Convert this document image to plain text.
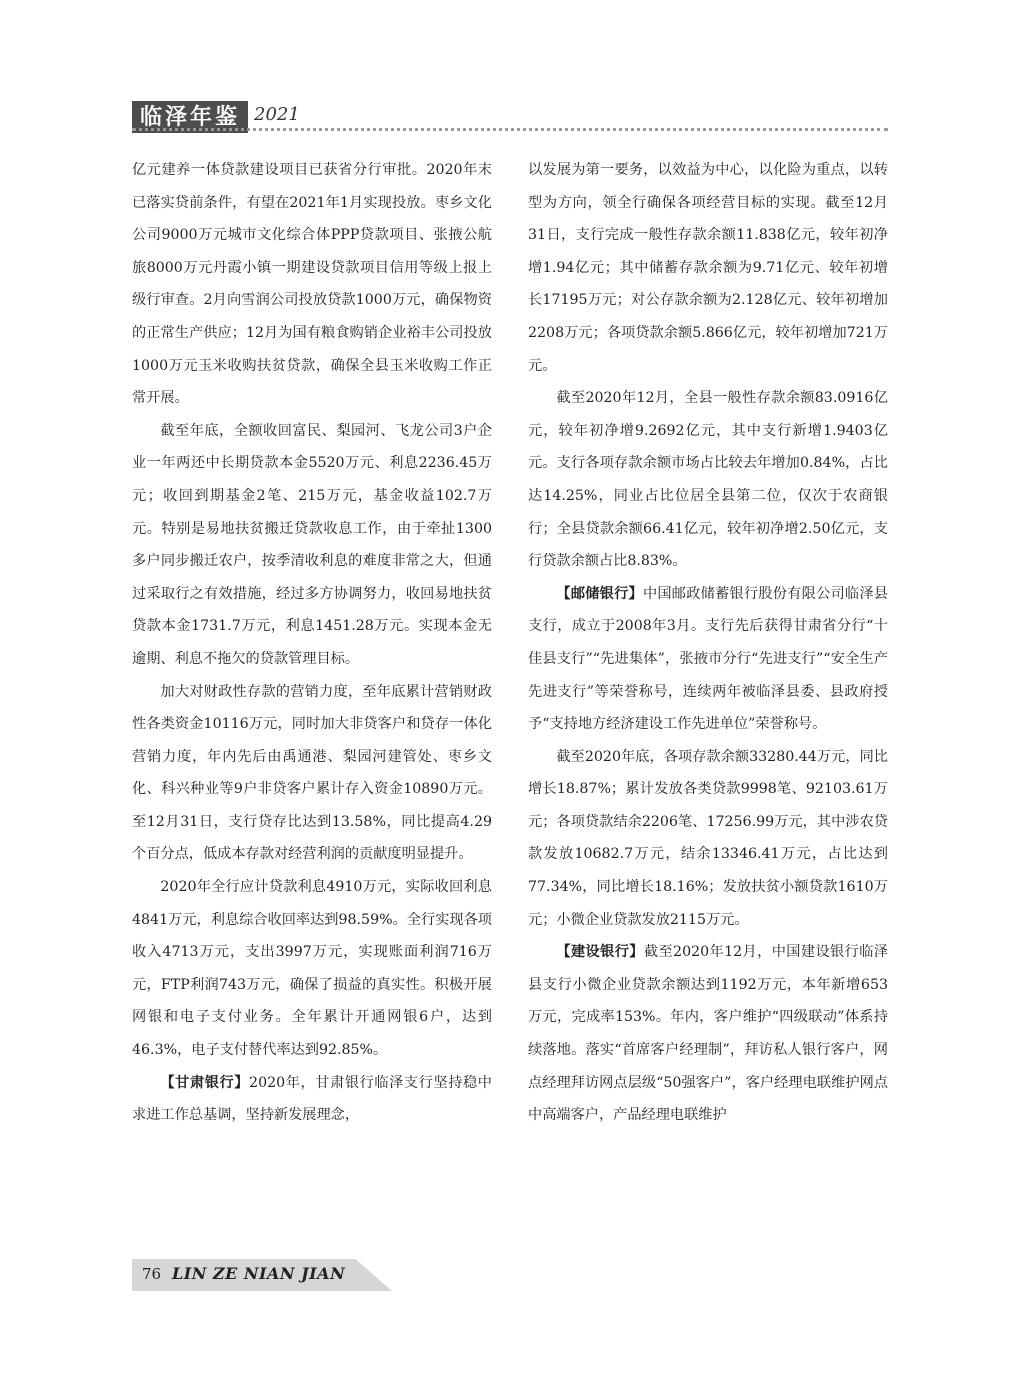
临泽年鉴 2021

亿元建养一体贷款建设项目已获省分行审批。2020年末已落实贷前条件，有望在2021年1月实现投放。枣乡文化公司9000万元城市文化综合体PPP贷款项目、张掖公航旅8000万元丹霞小镇一期建设贷款项目信用等级上报上级行审查。2月向雪润公司投放贷款1000万元，确保物资的正常生产供应；12月为国有粮食购销企业裕丰公司投放1000万元玉米收购扶贫贷款，确保全县玉米收购工作正常开展。

截至年底，全额收回富民、梨园河、飞龙公司3户企业一年两还中长期贷款本金5520万元、利息2236.45万元；收回到期基金2笔、215万元，基金收益102.7万元。特别是易地扶贫搬迁贷款收息工作，由于牵扯1300多户同步搬迁农户，按季清收利息的难度非常之大，但通过采取行之有效措施，经过多方协调努力，收回易地扶贫贷款本金1731.7万元，利息1451.28万元。实现本金无逾期、利息不拖欠的贷款管理目标。

加大对财政性存款的营销力度，至年底累计营销财政性各类资金10116万元，同时加大非贷客户和贷存一体化营销力度，年内先后由禹通港、梨园河建管处、枣乡文化、科兴种业等9户非贷客户累计存入资金10890万元。至12月31日，支行贷存比达到13.58%，同比提高4.29个百分点，低成本存款对经营利润的贡献度明显提升。

2020年全行应计贷款利息4910万元，实际收回利息4841万元，利息综合收回率达到98.59%。全行实现各项收入4713万元，支出3997万元，实现账面利润716万元，FTP利润743万元，确保了损益的真实性。积极开展网银和电子支付业务。全年累计开通网银6户，达到46.3%，电子支付替代率达到92.85%。

【甘肃银行】2020年，甘肃银行临泽支行坚持稳中求进工作总基调，坚持新发展理念，

以发展为第一要务，以效益为中心，以化险为重点，以转型为方向，领全行确保各项经营目标的实现。截至12月31日，支行完成一般性存款余额11.838亿元，较年初净增1.94亿元；其中储蓄存款余额为9.71亿元、较年初增长17195万元；对公存款余额为2.128亿元、较年初增加2208万元；各项贷款余额5.866亿元，较年初增加721万元。

截至2020年12月，全县一般性存款余额83.0916亿元，较年初净增9.2692亿元，其中支行新增1.9403亿元。支行各项存款余额市场占比较去年增加0.84%，占比达14.25%，同业占比位居全县第二位，仅次于农商银行；全县贷款余额66.41亿元，较年初净增2.50亿元，支行贷款余额占比8.83%。

【邮储银行】中国邮政储蓄银行股份有限公司临泽县支行，成立于2008年3月。支行先后获得甘肃省分行“十佳县支行”“先进集体”，张掖市分行“先进支行”“安全生产先进支行”等荣誉称号，连续两年被临泽县委、县政府授予“支持地方经济建设工作先进单位”荣誉称号。

截至2020年底，各项存款余额33280.44万元，同比增长18.87%；累计发放各类贷款9998笔、92103.61万元；各项贷款结余2206笔、17256.99万元，其中涉农贷款发放10682.7万元，结余13346.41万元，占比达到77.34%，同比增长18.16%；发放扶贫小额贷款1610万元；小微企业贷款发放2115万元。

【建设银行】截至2020年12月，中国建设银行临泽县支行小微企业贷款余额达到1192万元，本年新增653万元，完成率153%。年内，客户维护“四级联动”体系持续落地。落实“首席客户经理制”，拜访私人银行客户，网点经理拜访网点层级“50强客户”，客户经理电联维护网点中高端客户，产品经理电联维护

76 LIN ZE NIAN JIAN
